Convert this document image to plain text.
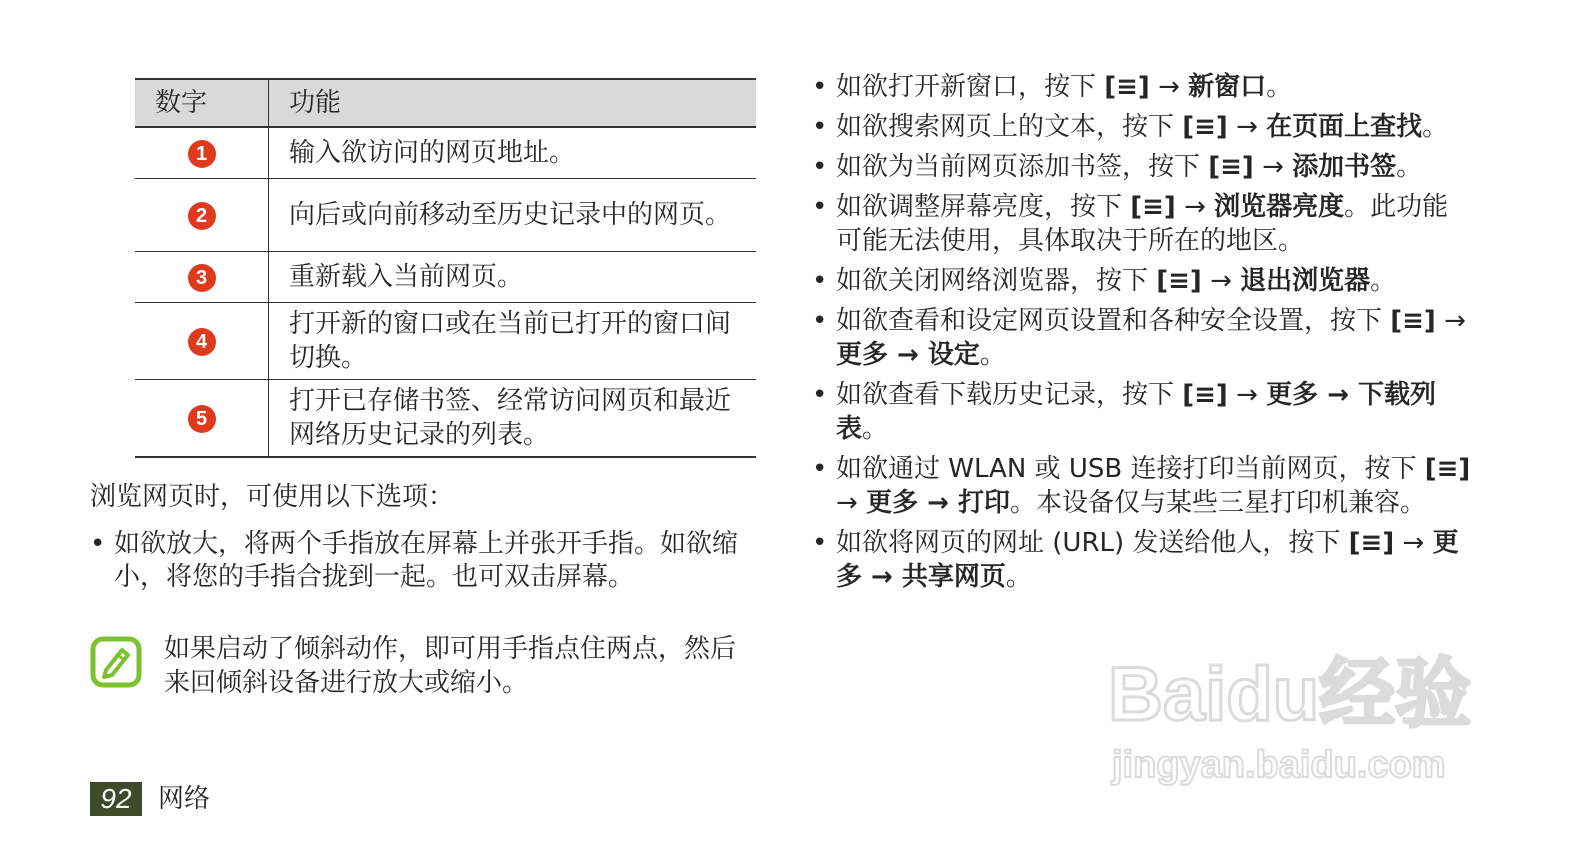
数字	功能
1	输入欲访问的网页地址。
2	向后或向前移动至历史记录中的网页。
3	重新载入当前网页。
4	打开新的窗口或在当前已打开的窗口间切换。
5	打开已存储书签、经常访问网页和最近网络历史记录的列表。

浏览网页时，可使用以下选项：

• 如欲放大，将两个手指放在屏幕上并张开手指。如欲缩小，将您的手指合拢到一起。也可双击屏幕。

如果启动了倾斜动作，即可用手指点住两点，然后来回倾斜设备进行放大或缩小。

92	网络
• 如欲打开新窗口，按下 [≡] → 新窗口。
• 如欲搜索网页上的文本，按下 [≡] → 在页面上查找。
• 如欲为当前网页添加书签，按下 [≡] → 添加书签。
• 如欲调整屏幕亮度，按下 [≡] → 浏览器亮度。此功能可能无法使用，具体取决于所在的地区。
• 如欲关闭网络浏览器，按下 [≡] → 退出浏览器。
• 如欲查看和设定网页设置和各种安全设置，按下 [≡] → 更多 → 设定。
• 如欲查看下载历史记录，按下 [≡] → 更多 → 下载列表。
• 如欲通过 WLAN 或 USB 连接打印当前网页，按下 [≡] → 更多 → 打印。本设备仅与某些三星打印机兼容。
• 如欲将网页的网址 (URL) 发送给他人，按下 [≡] → 更多 → 共享网页。
Baidu经验
jingyan.baidu.com
